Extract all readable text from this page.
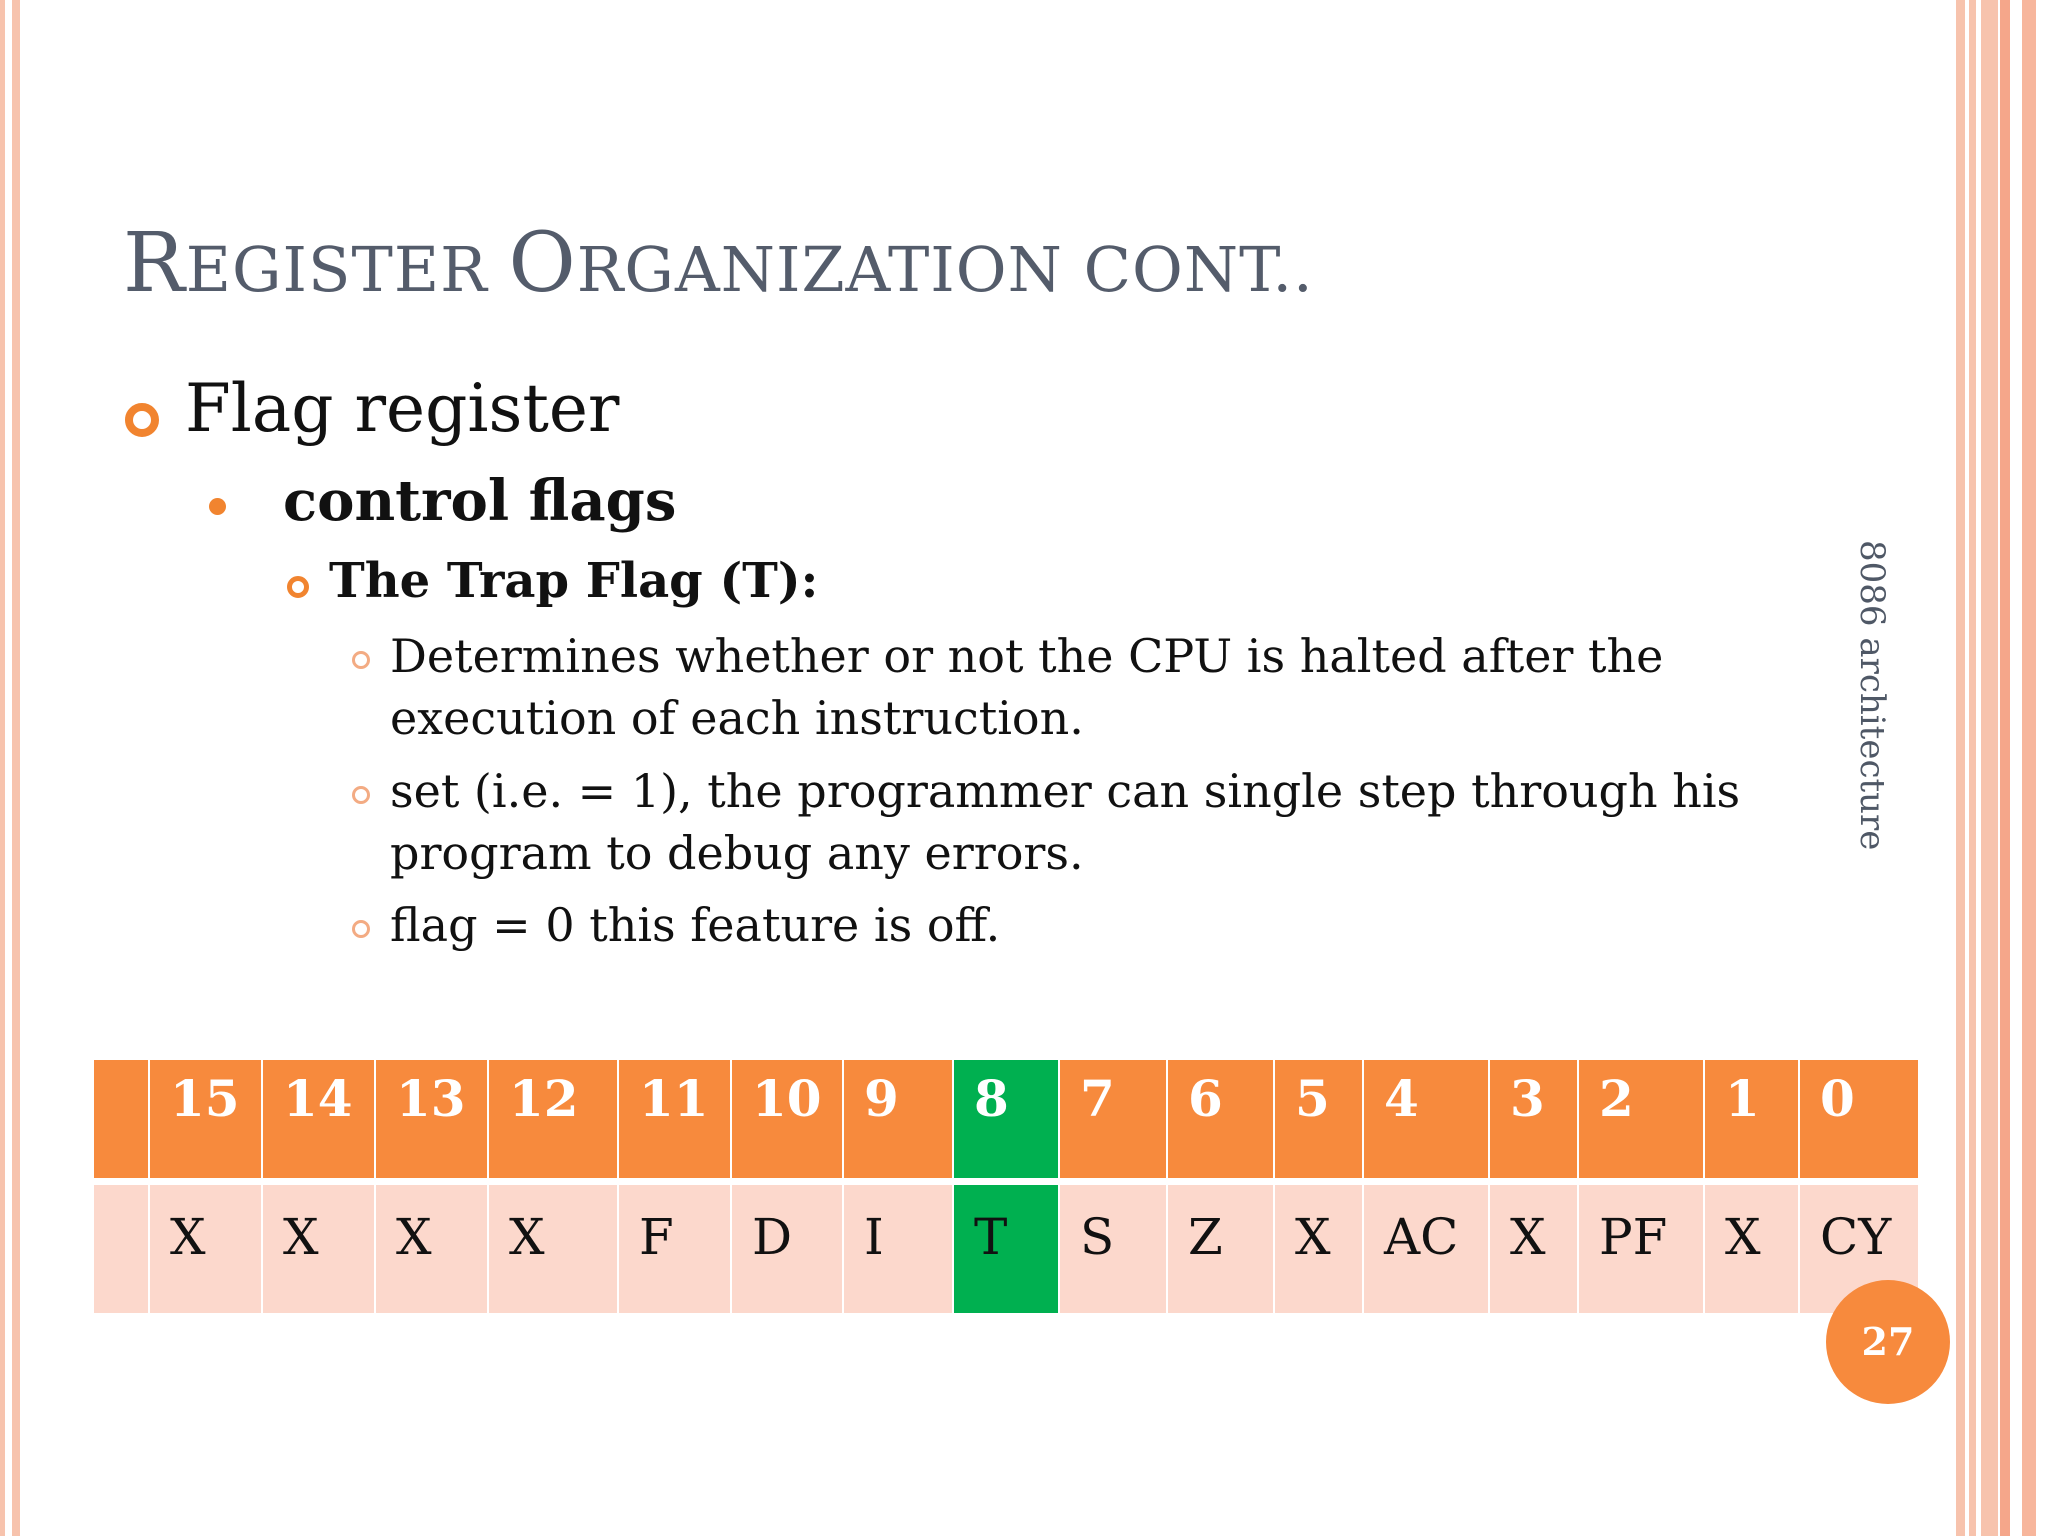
REGISTER ORGANIZATION CONT..
Flag register
control flags
The Trap Flag (T):
Determines whether or not the CPU is halted after the execution of each instruction.
set (i.e. = 1), the programmer can single step through his program to debug any errors.
flag = 0 this feature is off.
8086 architecture
15
X
14
X
13
X
12
X
11
F
10
D
9
I
8
T
7
S
6
Z
5
X
4
AC
3
X
2
PF
1
X
0
CY
27
